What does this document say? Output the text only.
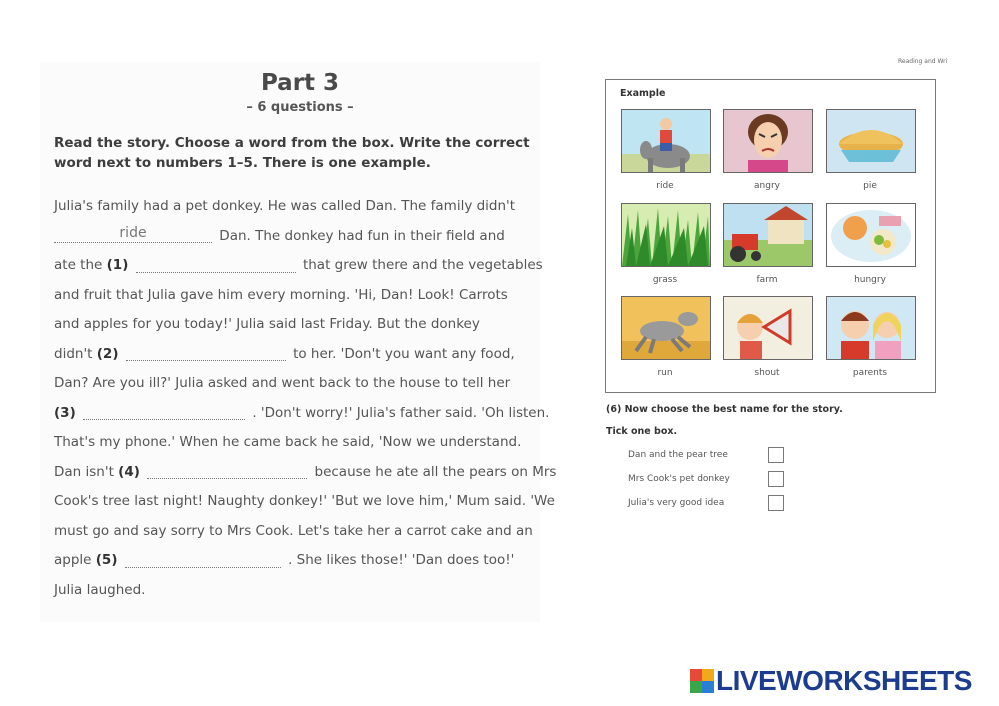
Part 3
– 6 questions –
Read the story. Choose a word from the box. Write the correct word next to numbers 1–5. There is one example.
Julia's family had a pet donkey. He was called Dan. The family didn't
ride	Dan. The donkey had fun in their field and
ate the (1)	that grew there and the vegetables
and fruit that Julia gave him every morning. 'Hi, Dan! Look! Carrots
and apples for you today!' Julia said last Friday. But the donkey
didn't (2)	to her. 'Don't you want any food,
Dan? Are you ill?' Julia asked and went back to the house to tell her
(3)	. 'Don't worry!' Julia's father said. 'Oh listen.
That's my phone.' When he came back he said, 'Now we understand.
Dan isn't (4)	because he ate all the pears on Mrs
Cook's tree last night! Naughty donkey!' 'But we love him,' Mum said. 'We
must go and say sorry to Mrs Cook. Let's take her a carrot cake and an
apple (5)	. She likes those!' 'Dan does too!'
Julia laughed.
Reading and Wri
Example
ride	angry	pie
grass	farm	hungry
run	shout	parents
(6) Now choose the best name for the story.
Tick one box.
Dan and the pear tree
Mrs Cook's pet donkey
Julia's very good idea
LIVEWORKSHEETS
